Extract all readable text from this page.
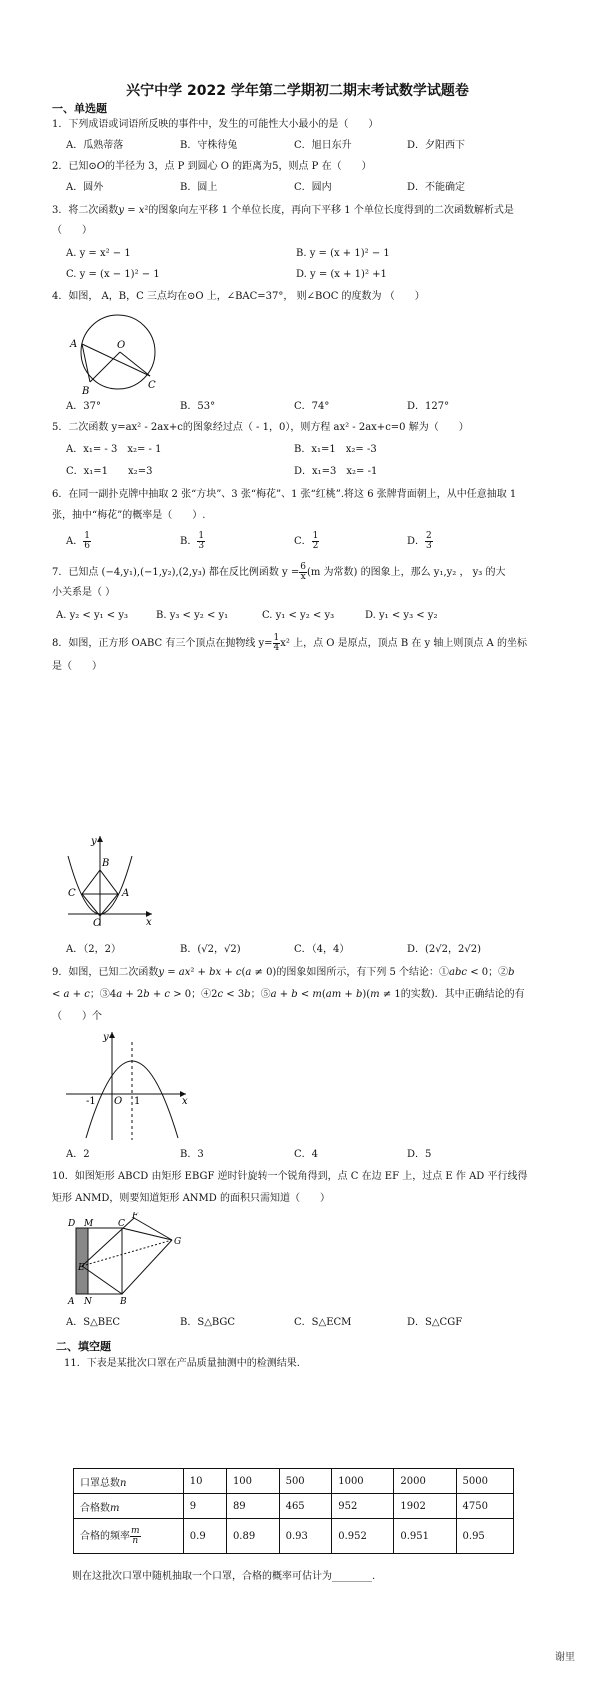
兴宁中学 2022 学年第二学期初二期末考试数学试题卷
一、单选题
1．下列成语或词语所反映的事件中，发生的可能性大小最小的是（　　）
A．瓜熟蒂落	B．守株待兔	C．旭日东升	D．夕阳西下
2．已知⊙𝑂的半径为 3，点 P 到圆心 O 的距离为5，则点 P 在（　　）
A．圆外	B．圆上	C．圆内	D．不能确定
3．将二次函数𝑦 = 𝑥²的图象向左平移 1 个单位长度，再向下平移 1 个单位长度得到的二次函数解析式是
（　　）
A. y = x² − 1	B. y = (x + 1)² − 1
C. y = (x − 1)² − 1	D. y = (x + 1)² +1
4．如图， A，B，C 三点均在⊙O 上，∠BAC=37°， 则∠BOC 的度数为 （　　）
A	O
B
C
A．37°	B．53°	C．74°	D．127°
5．二次函数 y=ax² - 2ax+c的图象经过点（ - 1，0），则方程 ax² - 2ax+c=0 解为（　　）
A．x₁= - 3　x₂= - 1	B．x₁=1　x₂= -3
C．x₁=1　　x₂=3	D．x₁=3　x₂= -1
6．在同一副扑克牌中抽取 2 张“方块”、3 张“梅花”、1 张“红桃”.将这 6 张牌背面朝上，从中任意抽取 1
张，抽中“梅花”的概率是（　　）.
A． $\frac{1}{6}$	B． $\frac{1}{3}$	C． $\frac{1}{2}$	D． $\frac{2}{3}$
7．已知点 (−4,y₁),(−1,y₂),(2,y₃) 都在反比例函数 $y = \frac{6}{x} (m$ 为常数) 的图象上，那么 y₁,y₂ ， y₃ 的大
小关系是（ ）
A. y₂ < y₁ < y₃	B. y₃ < y₂ < y₁	C. y₁ < y₂ < y₃	D. y₁ < y₃ < y₂
8．如图，正方形 OABC 有三个顶点在抛物线 $y= \frac{1}{4} x^2$ 上，点 O 是原点，顶点 B 在 y 轴上则顶点 A 的坐标
是（　　）
y
x
B
C	A
O
A．（2，2）	B．(√2，√2)	C．（4，4）	D．(2√2，2√2)
9．如图，已知二次函数𝑦 = 𝑎𝑥² + 𝑏𝑥 + 𝑐(𝑎 ≠ 0)的图象如图所示，有下列 5 个结论：①𝑎𝑏𝑐 < 0；②𝑏
< 𝑎 + 𝑐；③4𝑎 + 2𝑏 + 𝑐 > 0；④2𝑐 < 3𝑏；⑤𝑎 + 𝑏 < 𝑚(𝑎𝑚 + 𝑏)(𝑚 ≠ 1的实数)．其中正确结论的有
（　　）个
y
x
O
-1	1
A．2	B．3	C．4	D．5
10．如图矩形 ABCD 由矩形 EBGF 逆时针旋转一个锐角得到，点 C 在边 EF 上，过点 E 作 AD 平行线得
矩形 ANMD，则要知道矩形 ANMD 的面积只需知道（　　）
D M	C
F
G
E
A N	B
A．S△BEC	B．S△BGC	C．S△ECM	D．S△CGF
二、填空题
11．下表是某批次口罩在产品质量抽测中的检测结果.
口罩总数𝑛	10	100	500	1000	2000	5000
合格数𝑚	9	89	465	952	1902	4750
合格的频率 $\frac{m}{n}$	0.9	0.89	0.93	0.952	0.951	0.95
则在这批次口罩中随机抽取一个口罩，合格的概率可估计为________.
谢里
